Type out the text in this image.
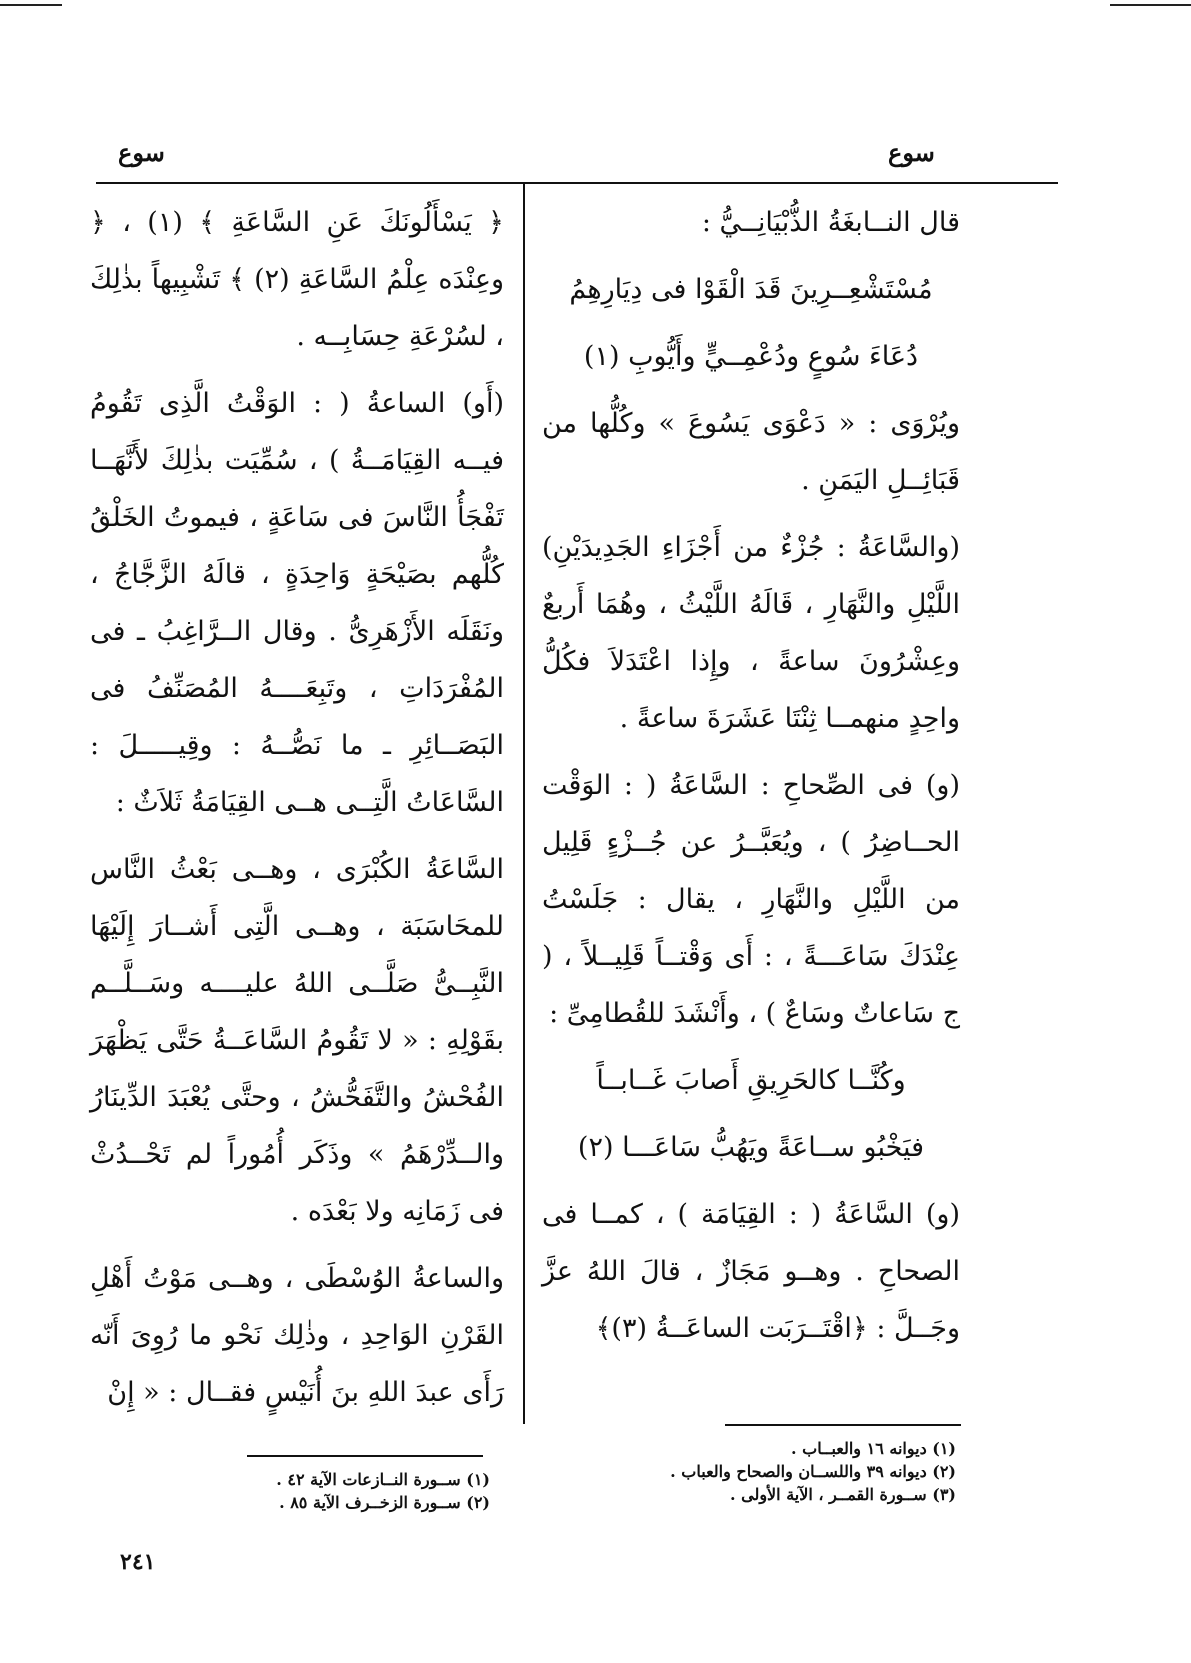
سوع
سوع

قال النــابغَةُ الذُّبْيَانِــيُّ :

مُسْتَشْعِــرِينَ قَدَ الْقَوْا فى دِيَارِهِمُ
دُعَاءَ سُوعٍ ودُعْمِــيٍّ وأَيُّوبِ (١)

ويُرْوَى : « دَعْوَى يَسُوعَ » وكُلُّها من قَبَائِــلِ اليَمَنِ .

(والسَّاعَةُ : جُزْءٌ من أَجْزَاءِ الجَدِيدَيْنِ) اللَّيْلِ والنَّهَارِ ، قَالَهُ اللَّيْثُ ، وهُمَا أَربعٌ وعِشْرُونَ ساعةً ، وإِذا اعْتَدَلاَ فكُلُّ واحِدٍ منهمــا ثِنْتَا عَشَرَةَ ساعةً .

(و) فى الصِّحاحِ : السَّاعَةُ ( : الوَقْت الحــاضِرُ ) ، ويُعَبَّــرُ عن جُــزْءٍ قَلِيل من اللَّيْلِ والنَّهَارِ ، يقال : جَلَسْتُ عِنْدَكَ سَاعَـــةً ، : أَى وَقْتــاً قَلِيــلاً ، ( ج سَاعاتٌ وسَاعٌ ) ، وأَنْشَدَ للقُطامِىِّ :

وكُنَّــا كالحَرِيقِ أَصابَ غَــابــاً
فيَخْبُو ســاعَةً ويَهُبُّ سَاعَـــا (٢)

(و) السَّاعَةُ ( : القِيَامَة ) ، كمــا فى الصحاحِ . وهــو مَجَازٌ ، قالَ اللهُ عزَّ وجَــلَّ : ﴿اقْتَــرَبَت الساعَــةُ (٣)﴾

﴿ يَسْأَلُونَكَ عَنِ السَّاعَةِ ﴾ (١) ، ﴿ وعِنْدَه عِلْمُ السَّاعَةِ (٢) ﴾ تَشْبِيهاً بذٰلِكَ ، لسُرْعَةِ حِسَابِــه .

(أَو) الساعةُ ( : الوَقْتُ الَّذِى تَقُومُ فيــه القِيَامَــةُ ) ، سُمِّيَت بذٰلِكَ لأَنَّهَــا تَفْجَأُ النَّاسَ فى سَاعَةٍ ، فيموتُ الخَلْقُ كُلُّهم بصَيْحَةٍ وَاحِدَةٍ ، قالَهُ الزَّجَّاجُ ، ونَقَلَه الأَزْهَرِىُّ . وقال الــرَّاغِبُ ـ فى المُفْرَدَاتِ ، وتَبِعَــــهُ المُصَنِّفُ فى البَصَــائِرِ ـ ما نَصُّــهُ : وقِيـــــلَ : السَّاعَاتُ الَّتِــى هــى القِيَامَةُ ثَلاَثٌ :

السَّاعَةُ الكُبْرَى ، وهــى بَعْثُ النَّاس للمحَاسَبَة ، وهــى الَّتِى أَشــارَ إِلَيْهَا النَّبِــىُّ صَلَّــى اللهُ عليــــه وسَــلَّــم بقَوْلِهِ : « لا تَقُومُ السَّاعَــةُ حَتَّى يَظْهَرَ الفُحْشُ والتَّفَحُّشُ ، وحتَّى يُعْبَدَ الدِّينَارُ والــدِّرْهَمُ » وذَكَر أُمُوراً لم تَحْــدُثْ فى زَمَانِه ولا بَعْدَه .

والساعةُ الوُسْطَى ، وهــى مَوْتُ أَهْلِ القَرْنِ الوَاحِدِ ، وذٰلِك نَحْو ما رُوِىَ أَنّه رَأَى عبدَ اللهِ بنَ أُنَيْسٍ فقــال : « إِنْ

(١) ديوانه ١٦ والعبــاب .
(٢) ديوانه ٣٩ واللســان والصحاح والعباب .
(٣) ســورة القمــر ، الآية الأولى .
(١) ســورة النــازعات الآية ٤٢ .
(٢) ســورة الزخــرف الآية ٨٥ .
٢٤١
